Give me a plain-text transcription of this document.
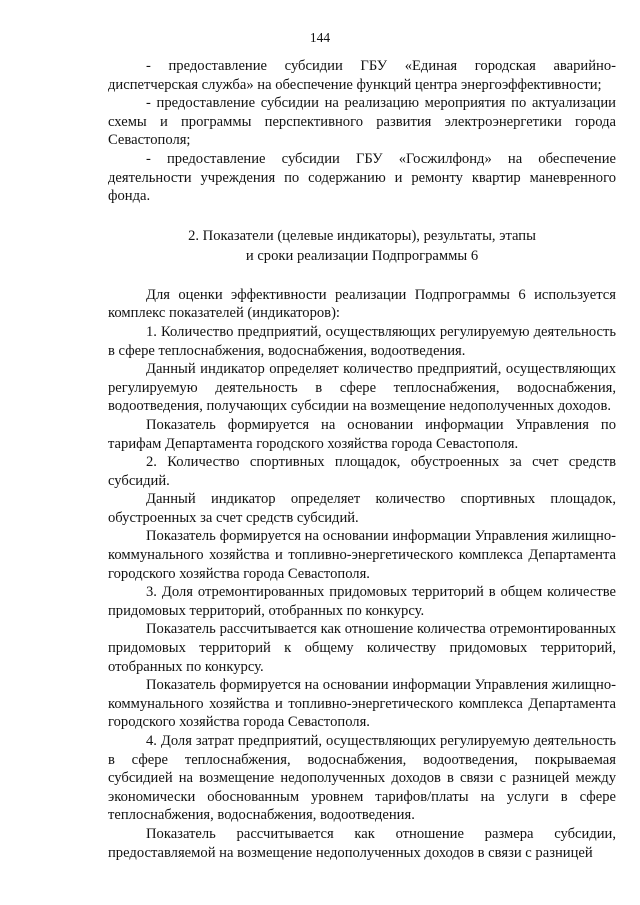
144

- предоставление субсидии ГБУ «Единая городская аварийно-диспетчерская служба» на обеспечение функций центра энергоэффективности;

- предоставление субсидии на реализацию мероприятия по актуализации схемы и программы перспективного развития электроэнергетики города Севастополя;

- предоставление субсидии ГБУ «Госжилфонд» на обеспечение деятельности учреждения по содержанию и ремонту квартир маневренного фонда.

2. Показатели (целевые индикаторы), результаты, этапы

и сроки реализации Подпрограммы 6

Для оценки эффективности реализации Подпрограммы 6 используется комплекс показателей (индикаторов):

1. Количество предприятий, осуществляющих регулируемую деятельность в сфере теплоснабжения, водоснабжения, водоотведения.

Данный индикатор определяет количество предприятий, осуществляющих регулируемую деятельность в сфере теплоснабжения, водоснабжения, водоотведения, получающих субсидии на возмещение недополученных доходов.

Показатель формируется на основании информации Управления по тарифам Департамента городского хозяйства города Севастополя.

2. Количество спортивных площадок, обустроенных за счет средств субсидий.

Данный индикатор определяет количество спортивных площадок, обустроенных за счет средств субсидий.

Показатель формируется на основании информации Управления жилищно-коммунального хозяйства и топливно-энергетического комплекса Департамента городского хозяйства города Севастополя.

3. Доля отремонтированных придомовых территорий в общем количестве придомовых территорий, отобранных по конкурсу.

Показатель рассчитывается как отношение количества отремонтированных придомовых территорий к общему количеству придомовых территорий, отобранных по конкурсу.

Показатель формируется на основании информации Управления жилищно-коммунального хозяйства и топливно-энергетического комплекса Департамента городского хозяйства города Севастополя.

4. Доля затрат предприятий, осуществляющих регулируемую деятельность в сфере теплоснабжения, водоснабжения, водоотведения, покрываемая субсидией на возмещение недополученных доходов в связи с разницей между экономически обоснованным уровнем тарифов/платы на услуги в сфере теплоснабжения, водоснабжения, водоотведения.

Показатель рассчитывается как отношение размера субсидии, предоставляемой на возмещение недополученных доходов в связи с разницей
